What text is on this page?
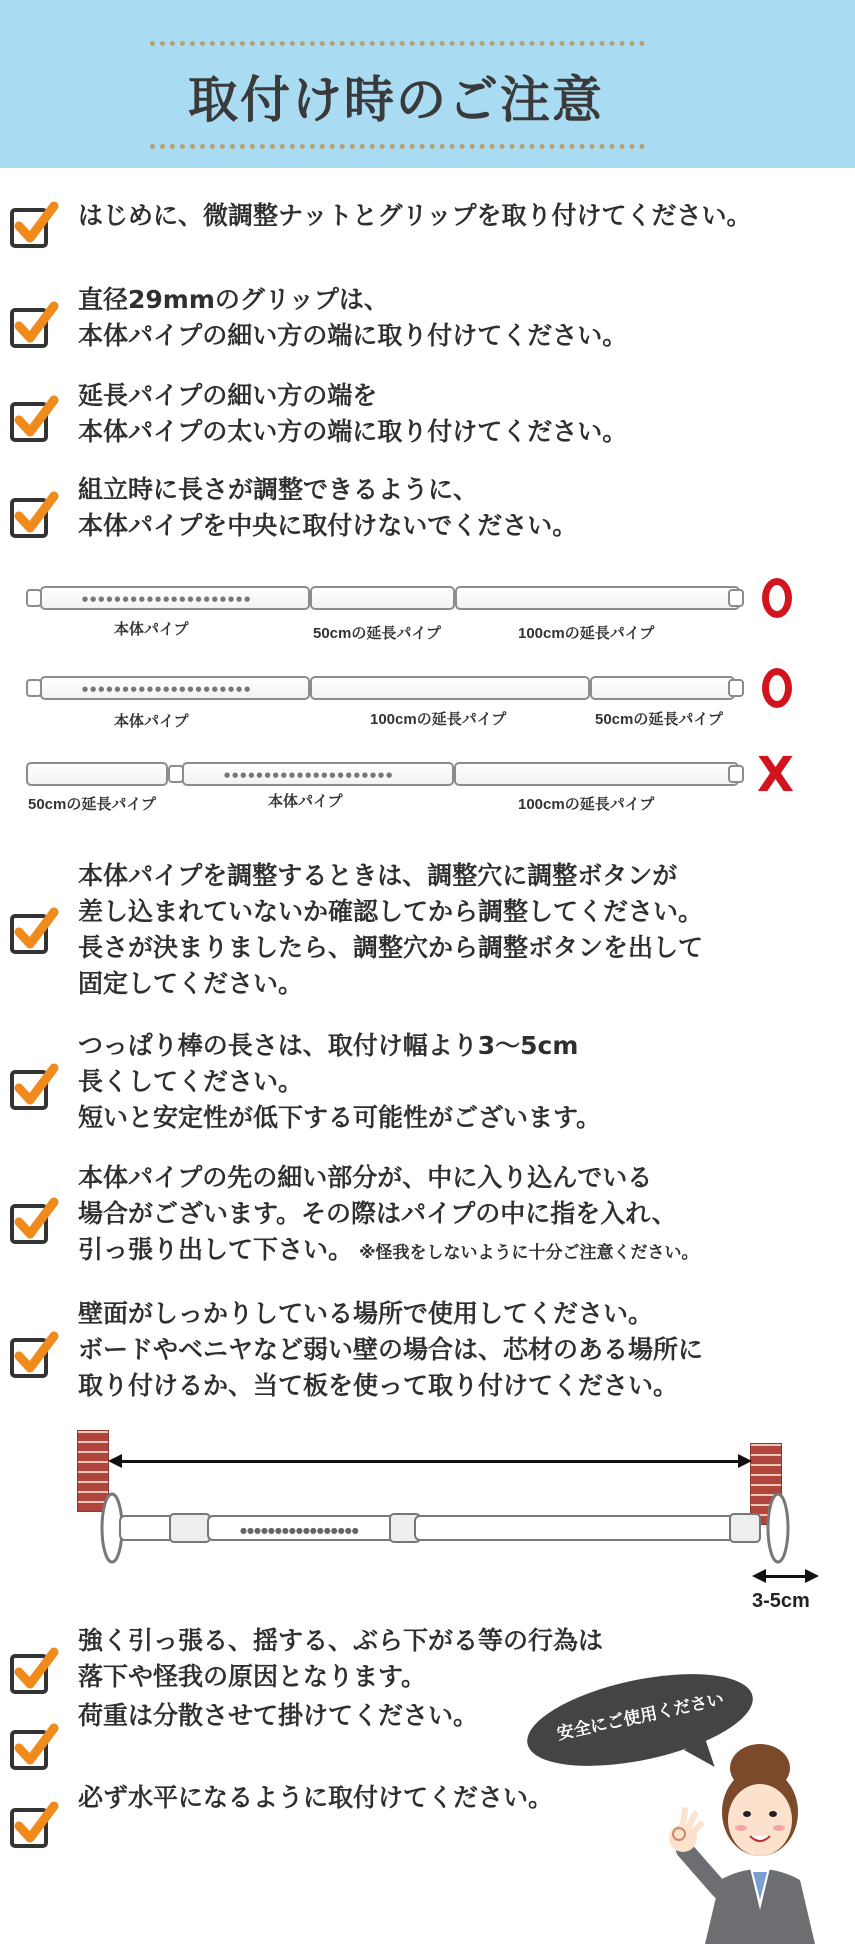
取付け時のご注意
はじめに、微調整ナットとグリップを取り付けてください。
直径29mmのグリップは、
本体パイプの細い方の端に取り付けてください。
延長パイプの細い方の端を
本体パイプの太い方の端に取り付けてください。
組立時に長さが調整できるように、
本体パイプを中央に取付けないでください。
本体パイプを調整するときは、調整穴に調整ボタンが
差し込まれていないか確認してから調整してください。
長さが決まりましたら、調整穴から調整ボタンを出して
固定してください。
つっぱり棒の長さは、取付け幅より3～5cm
長くしてください。
短いと安定性が低下する可能性がございます。
本体パイプの先の細い部分が、中に入り込んでいる
場合がございます。その際はパイプの中に指を入れ、
引っ張り出して下さい。 ※怪我をしないように十分ご注意ください。
壁面がしっかりしている場所で使用してください。
ボードやベニヤなど弱い壁の場合は、芯材のある場所に
取り付けるか、当て板を使って取り付けてください。
強く引っ張る、揺する、ぶら下がる等の行為は
落下や怪我の原因となります。
荷重は分散させて掛けてください。
必ず水平になるように取付けてください。
●●●●●●●●●●●●●●●●●●●●●
本体パイプ	50cmの延長パイプ	100cmの延長パイプ
●●●●●●●●●●●●●●●●●●●●●
本体パイプ	100cmの延長パイプ	50cmの延長パイプ
●●●●●●●●●●●●●●●●●●●●●
50cmの延長パイプ	本体パイプ	100cmの延長パイプ
X
●●●●●●●●●●●●●●●●●
3-5cm
安全にご使用ください
